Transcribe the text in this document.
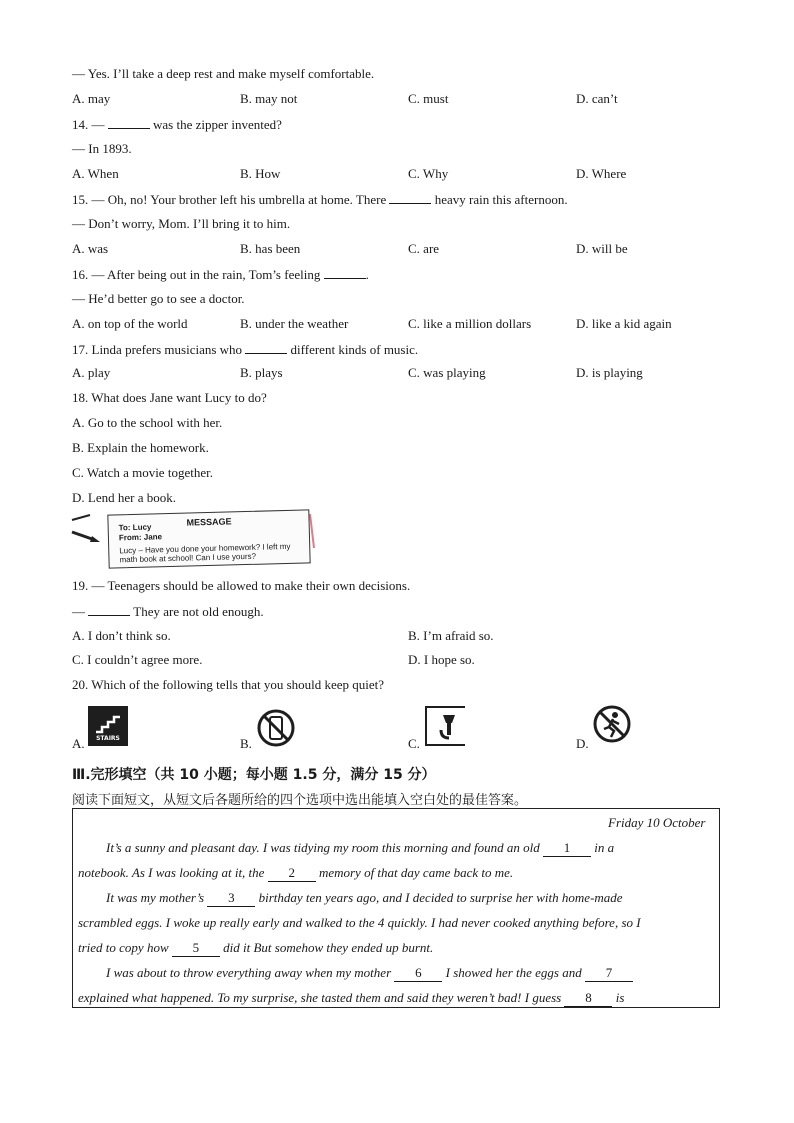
— Yes. I’ll take a deep rest and make myself comfortable.
A. may	B. may not	C. must	D. can’t
14. —	was the zipper invented?
— In 1893.
A. When	B. How	C. Why	D. Where
15. — Oh, no! Your brother left his umbrella at home. There	heavy rain this afternoon.
— Don’t worry, Mom. I’ll bring it to him.
A. was	B. has been	C. are	D. will be
16. — After being out in the rain, Tom’s feeling	.
— He’d better go to see a doctor.
A. on top of the world	B. under the weather	C. like a million dollars	D. like a kid again
17. Linda prefers musicians who	different kinds of music.
A. play	B. plays	C. was playing	D. is playing
18. What does Jane want Lucy to do?
A. Go to the school with her.
B. Explain the homework.
C. Watch a movie together.
D. Lend her a book.
MESSAGE
To: Lucy
From: Jane
Lucy – Have you done your homework? I left my
math book at school! Can I use yours?
19. — Teenagers should be allowed to make their own decisions.
—	They are not old enough.
A. I don’t think so.	B. I’m afraid so.
C. I couldn’t agree more.	D. I hope so.
20. Which of the following tells that you should keep quiet?
A.	STAIRS	B.	C.	D.
Ⅲ.完形填空（共 10 小题；每小题 1.5 分，满分 15 分）
阅读下面短文，从短文后各题所给的四个选项中选出能填入空白处的最佳答案。
Friday 10 October
It’s a sunny and pleasant day. I was tidying my room this morning and found an old 1 in a
notebook. As I was looking at it, the 2 memory of that day came back to me.
It was my mother’s 3 birthday ten years ago, and I decided to surprise her with home-made
scrambled eggs. I woke up really early and walked to the 4 quickly. I had never cooked anything before, so I
tried to copy how 5 did it But somehow they ended up burnt.
I was about to throw everything away when my mother 6 I showed her the eggs and 7
explained what happened. To my surprise, she tasted them and said they weren’t bad! I guess 8 is
